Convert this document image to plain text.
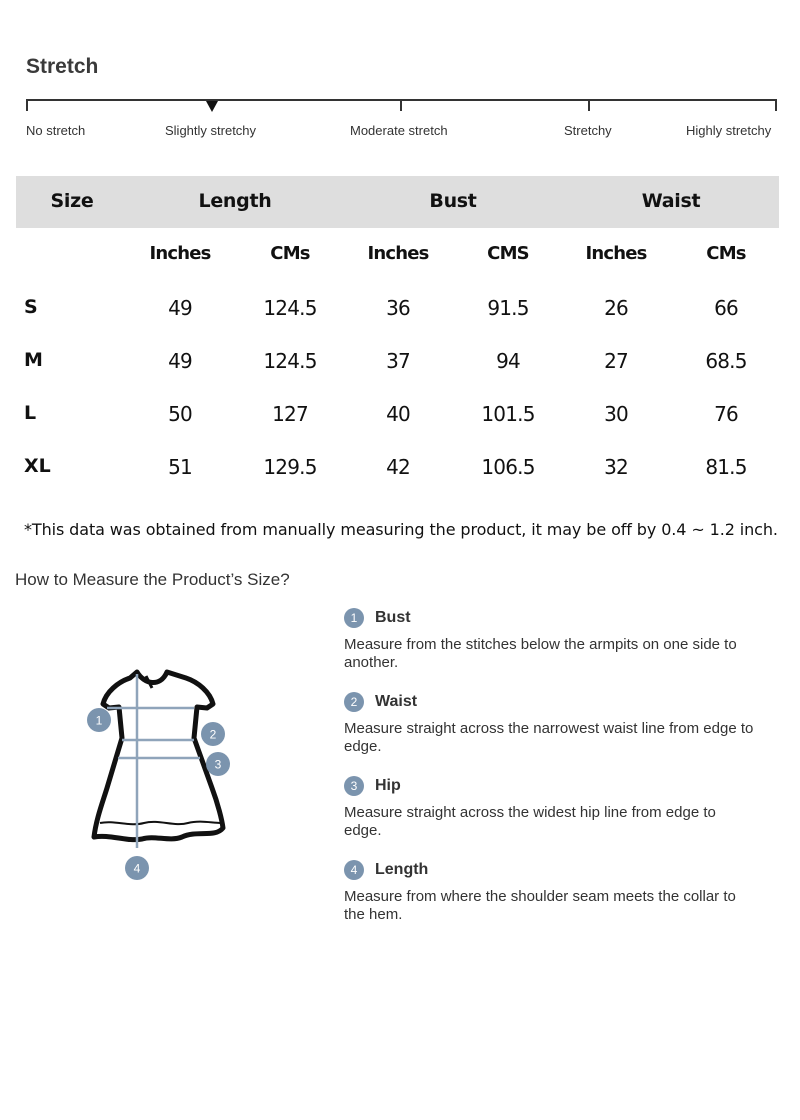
Stretch
No stretch	Slightly stretchy	Moderate stretch	Stretchy	Highly stretchy
Size	Length	Bust	Waist
Inches	CMs	Inches	CMS	Inches	CMs
S	49	124.5	36	91.5	26	66
M	49	124.5	37	94	27	68.5
L	50	127	40	101.5	30	76
XL	51	129.5	42	106.5	32	81.5
*This data was obtained from manually measuring the product, it may be off by 0.4 ~ 1.2 inch.
How to Measure the Product’s Size?
1
2
3
4
1	Bust
Measure from the stitches below the armpits on one side to another.
2	Waist
Measure straight across the narrowest waist line from edge to edge.
3	Hip
Measure straight across the widest hip line from edge to edge.
4	Length
Measure from where the shoulder seam meets the collar to the hem.
